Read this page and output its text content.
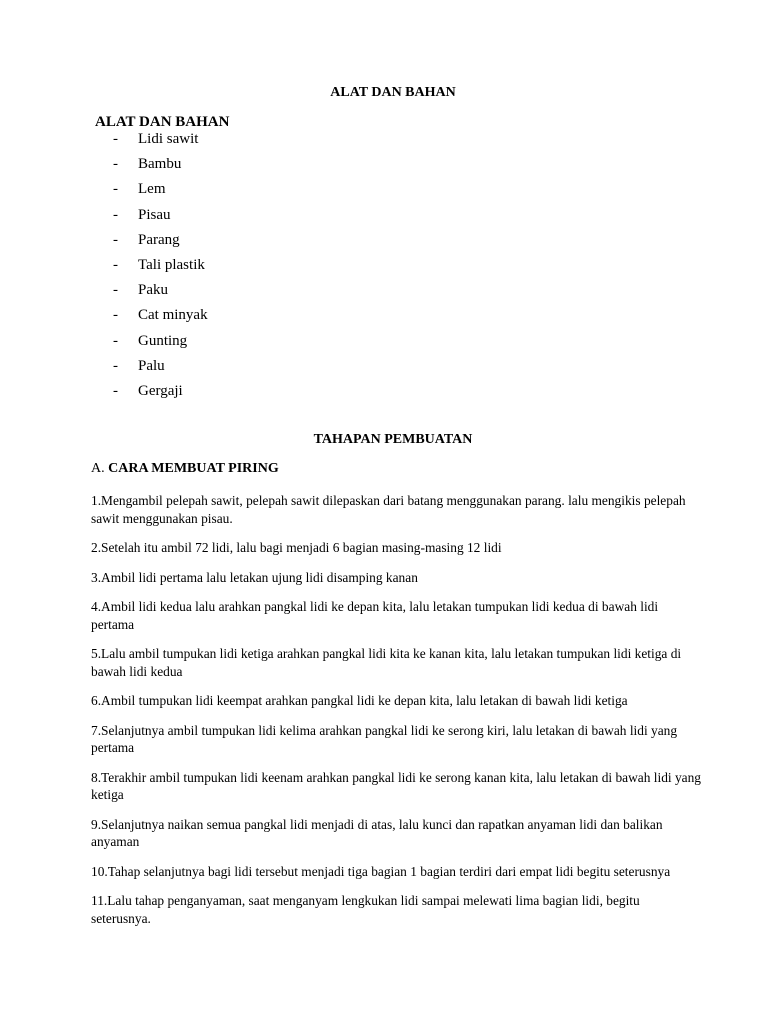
ALAT DAN BAHAN
ALAT DAN BAHAN
- Lidi sawit
- Bambu
- Lem
- Pisau
- Parang
- Tali plastik
- Paku
- Cat minyak
- Gunting
- Palu
- Gergaji
TAHAPAN PEMBUATAN
A. CARA MEMBUAT PIRING

1.Mengambil pelepah sawit, pelepah sawit dilepaskan dari batang menggunakan parang. lalu mengikis pelepah sawit menggunakan pisau.

2.Setelah itu ambil 72 lidi, lalu bagi menjadi 6 bagian masing-masing 12 lidi

3.Ambil lidi pertama lalu letakan ujung lidi disamping kanan

4.Ambil lidi kedua lalu arahkan pangkal lidi ke depan kita, lalu letakan tumpukan lidi kedua di bawah lidi pertama

5.Lalu ambil tumpukan lidi ketiga arahkan pangkal lidi kita ke kanan kita, lalu letakan tumpukan lidi ketiga di bawah lidi kedua

6.Ambil tumpukan lidi keempat arahkan pangkal lidi ke depan kita, lalu letakan di bawah lidi ketiga

7.Selanjutnya ambil tumpukan lidi kelima arahkan pangkal lidi ke serong kiri, lalu letakan di bawah lidi yang pertama

8.Terakhir ambil tumpukan lidi keenam arahkan pangkal lidi ke serong kanan kita, lalu letakan di bawah lidi yang ketiga

9.Selanjutnya naikan semua pangkal lidi menjadi di atas, lalu kunci dan rapatkan anyaman lidi dan balikan anyaman

10.Tahap selanjutnya bagi lidi tersebut menjadi tiga bagian 1 bagian terdiri dari empat lidi begitu seterusnya

11.Lalu tahap penganyaman, saat menganyam lengkukan lidi sampai melewati lima bagian lidi, begitu seterusnya.
